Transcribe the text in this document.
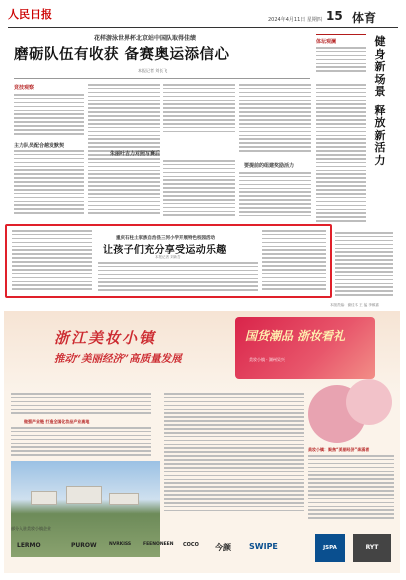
人民日报	2024年4月11日 星期四 15 体育
花样游泳世界杯北京站中国队取得佳绩
磨砺队伍有收获 备赛奥运添信心
本报记者 刘长飞
竞技观察
主力队员配合越发默契
朱丽叶吉力对照写赛后
要提前的组建奖励活力
体坛观澜	健
身
新
场
景
释
放
新
活
力
本版责编：谢佳木 王 猛 李颐嘉
重庆石柱土家族自治县三河小学开展特色校园活动
让孩子们充分享受运动乐趣
本报记者 刘新吾
浙江美妆小镇
推动“美丽经济”高质量发展
国货潮品 浙妆看礼
美妆小镇 · 湖州吴兴
做强产业链 打造全国化妆品产业高地
美妆小镇：聚焦“美丽经济”奔涌者
部分入驻美妆小镇企业
LERMO	PUROW	NVRKISS	FEENONEEN COCO 今颜 SWIPE	JSPA	RYT
